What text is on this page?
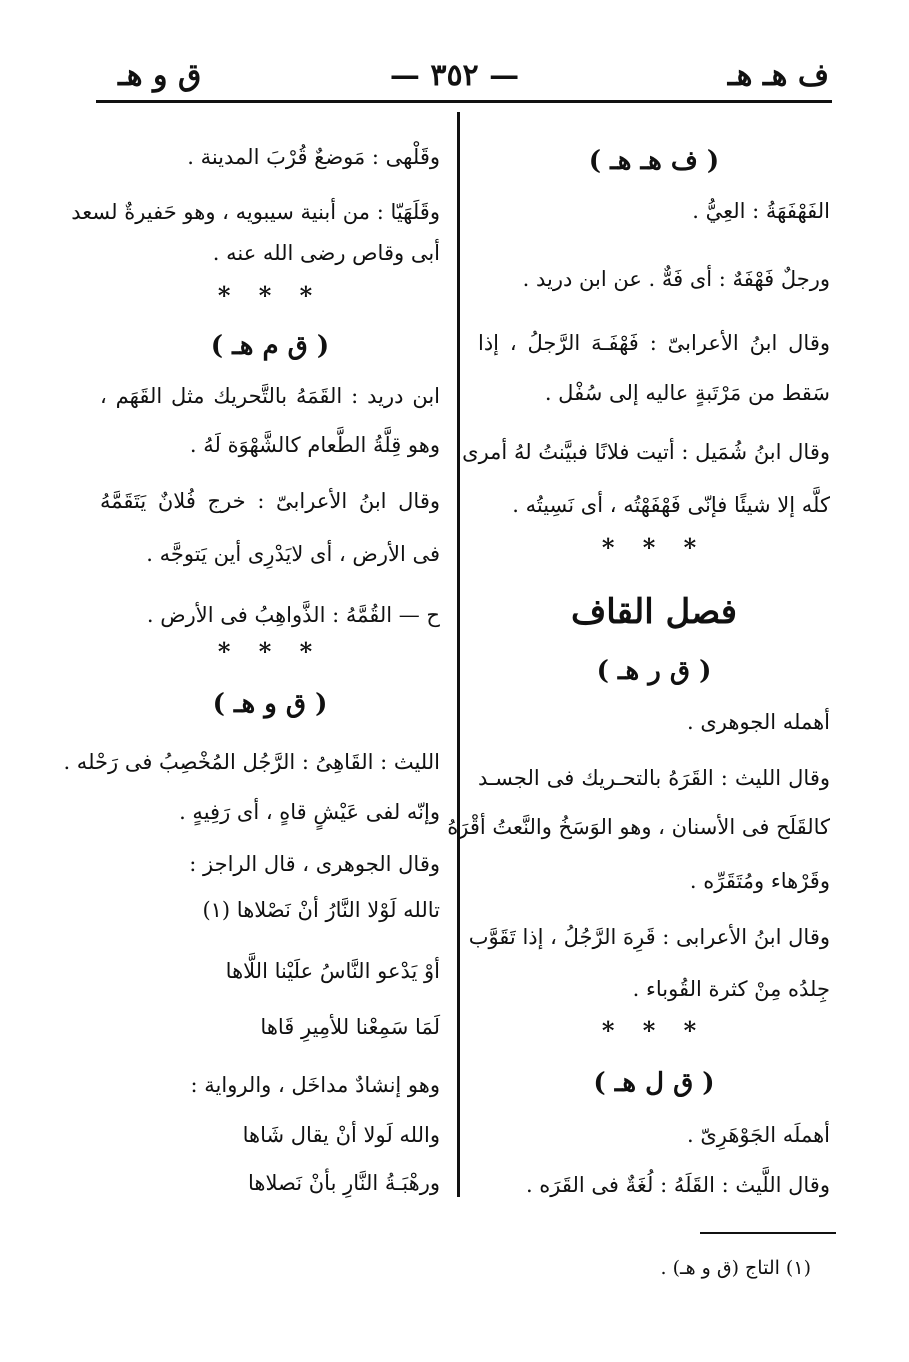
ف هـ هـ
— ٣٥٢ —
ق و هـ
( ف هـ هـ )
الفَهْفَهَةُ : العِيُّ .
ورجلٌ فَهْفَهٌ : أى فَهٌّ . عن ابن دريد .
وقال ابنُ الأعرابىّ : فَهْفَـهَ الرَّجلُ ، إذا
سَقط من مَرْتَبةٍ عاليه إلى سُفْل .
وقال ابنُ شُمَيل : أتيت فلانًا فبيَّنتُ لهُ أمرى
كلَّه إلا شيئًا فإنّى فَهْفَهْتُه ، أى نَسِيتُه .
* * *
فصل القاف
( ق ر هـ )
أهمله الجوهرى .
وقال الليث : القَرَهُ بالتحـريك فى الجسـد
كالقَلَح فى الأسنان ، وهو الوَسَخُ والنَّعتُ أقْرَهُ
وقَرْهاء ومُتَقَرِّه .
وقال ابنُ الأعرابى : قَرِهَ الرَّجُلُ ، إذا تَقَوَّب
جِلدُه مِنْ كثرة القُوباء .
* * *
( ق ل هـ )
أهملَه الجَوْهَرِىّ .
وقال اللَّيث : القَلَهُ : لُغَةٌ فى القَرَه .
وقَلْهى : مَوضعٌ قُرْبَ المدينة .
وقَلَهَيّا : من أبنية سيبويه ، وهو حَفيرةٌ لسعد
أبى وقاص رضى الله عنه .
* * *
( ق م هـ )
ابن دريد : القَمَهُ بالتَّحريك مثل القَهَم ،
وهو قِلَّةُ الطَّعام كالشَّهْوَة لَهُ .
وقال ابنُ الأعرابىّ : خرج فُلانٌ يَتَقَمَّهُ
فى الأرض ، أى لايَدْرِى أين يَتوجَّه .
ح — القُمَّهُ : الذَّواهِبُ فى الأرض .
* * *
( ق و هـ )
الليث : القَاهِىُ : الرَّجُل المُخْصِبُ فى رَحْله .
وإنّه لفى عَيْشٍ قاهٍ ، أى رَفِيهٍ .
وقال الجوهرى ، قال الراجز :
تالله لَوْلا النَّارُ أنْ نَصْلاها (١)
أوْ يَدْعو النَّاسُ علَيْنا اللَّاها
لَمَا سَمِعْنا للأمِيرِ قَاها
وهو إنشادٌ مداخَل ، والرواية :
والله لَولا أنْ يقال شَاها
ورهْبَـةُ النَّارِ بأنْ نَصلاها
(١) التاج (ق و هـ) .
